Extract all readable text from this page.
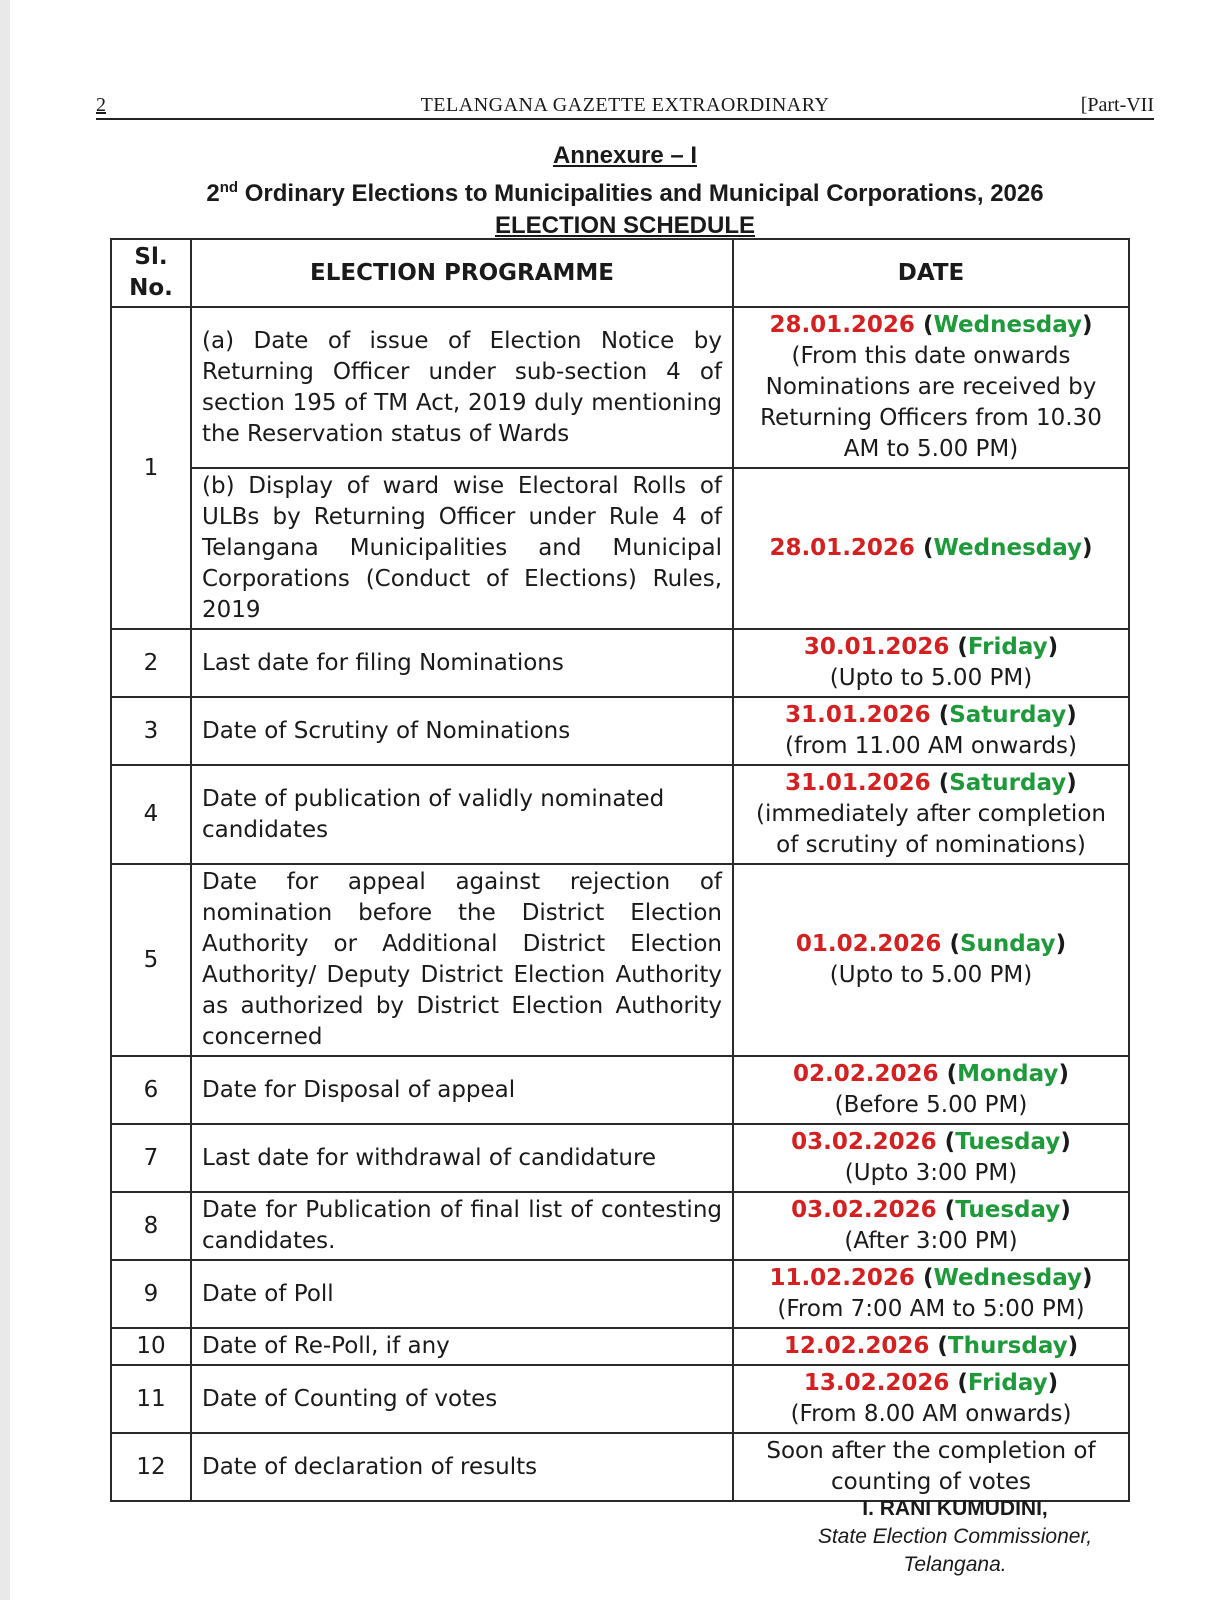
2	TELANGANA GAZETTE EXTRAORDINARY	[Part-VII
Annexure – I
2nd Ordinary Elections to Municipalities and Municipal Corporations, 2026
ELECTION SCHEDULE
Sl.
No.	ELECTION PROGRAMME	DATE
1	(a) Date of issue of Election Notice by Returning Officer under sub-section 4 of section 195 of TM Act, 2019 duly mentioning the Reservation status of Wards	28.01.2026 (Wednesday)
(From this date onwards Nominations are received by Returning Officers from 10.30 AM to 5.00 PM)

	(b) Display of ward wise Electoral Rolls of ULBs by Returning Officer under Rule 4 of Telangana Municipalities and Municipal Corporations (Conduct of Elections) Rules, 2019	28.01.2026 (Wednesday)

2	Last date for filing Nominations	30.01.2026 (Friday)
(Upto to 5.00 PM)

3	Date of Scrutiny of Nominations	31.01.2026 (Saturday)
(from 11.00 AM onwards)

4	Date of publication of validly nominated candidates	31.01.2026 (Saturday)
(immediately after completion of scrutiny of nominations)

5	Date for appeal against rejection of nomination before the District Election Authority or Additional District Election Authority/ Deputy District Election Authority as authorized by District Election Authority concerned	01.02.2026 (Sunday)
(Upto to 5.00 PM)

6	Date for Disposal of appeal	02.02.2026 (Monday)
(Before 5.00 PM)

7	Last date for withdrawal of candidature	03.02.2026 (Tuesday)
(Upto 3:00 PM)

8	Date for Publication of final list of contesting candidates.	03.02.2026 (Tuesday)
(After 3:00 PM)

9	Date of Poll	11.02.2026 (Wednesday)
(From 7:00 AM to 5:00 PM)

10	Date of Re-Poll, if any	12.02.2026 (Thursday)

11	Date of Counting of votes	13.02.2026 (Friday)
(From 8.00 AM onwards)

12	Date of declaration of results	Soon after the completion of counting of votes
I. RANI KUMUDINI,
State Election Commissioner,
Telangana.
